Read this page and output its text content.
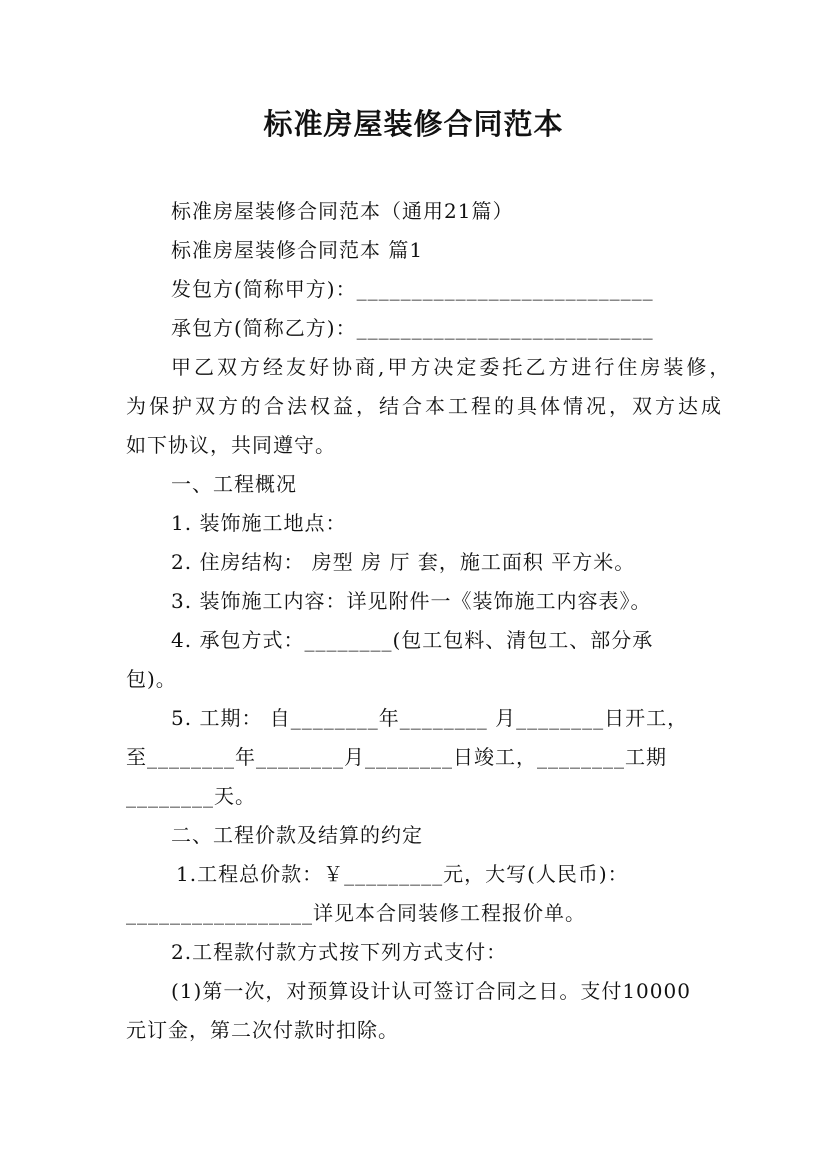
标准房屋装修合同范本
标准房屋装修合同范本（通用21篇）
标准房屋装修合同范本 篇1
发包方(简称甲方)：___________________________
承包方(简称乙方)：___________________________
甲乙双方经友好协商,甲方决定委托乙方进行住房装修，
为保护双方的合法权益，结合本工程的具体情况，双方达成
如下协议，共同遵守。
一、工程概况
1. 装饰施工地点：
2. 住房结构： 房型 房 厅 套，施工面积 平方米。
3. 装饰施工内容：详见附件一《装饰施工内容表》。
4. 承包方式：________(包工包料、清包工、部分承
包)。
5. 工期： 自________年________ 月________日开工，
至________年________月________日竣工，________工期
________天。
二、工程价款及结算的约定
1.工程总价款：￥_________元，大写(人民币)：
_________________详见本合同装修工程报价单。
2.工程款付款方式按下列方式支付：
(1)第一次，对预算设计认可签订合同之日。支付10000
元订金，第二次付款时扣除。
